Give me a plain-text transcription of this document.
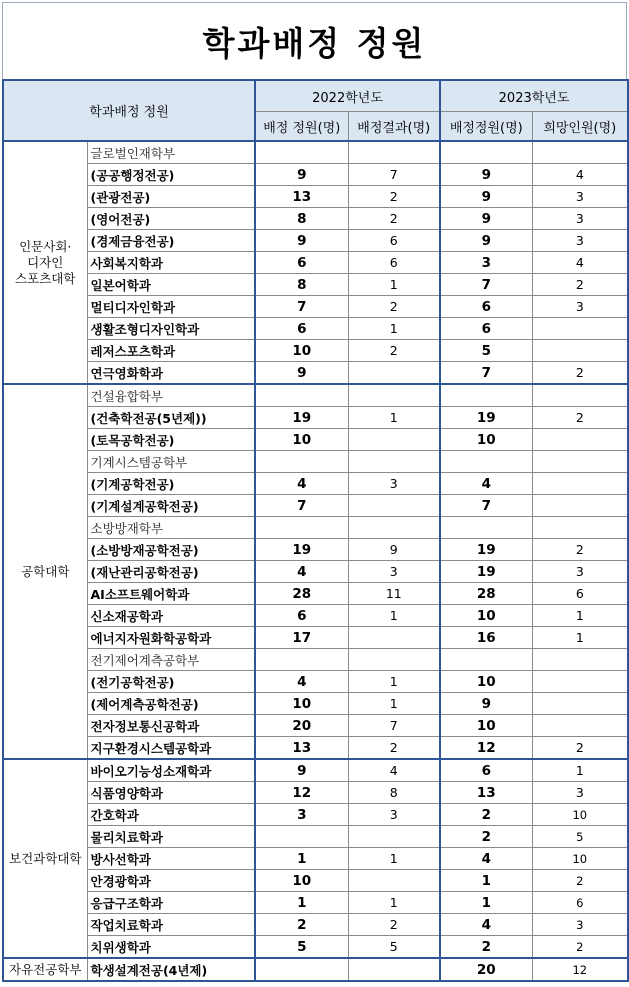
학과배정 정원
학과배정 정원		2022학년도		2023학년도	
		배정 정원(명)	배정결과(명)	배정정원(명)	희망인원(명)

인문사회·
디자인
스포츠대학	글로벌인재학부				
	(공공행정전공)	9	7	9	4
	(관광전공)	13	2	9	3
	(영어전공)	8	2	9	3
	(경제금융전공)	9	6	9	3
	사회복지학과	6	6	3	4
	일본어학과	8	1	7	2
	멀티디자인학과	7	2	6	3
	생활조형디자인학과	6	1	6	
	레저스포츠학과	10	2	5	
	연극영화학과	9		7	2

공학대학	건설융합학부				
	(건축학전공(5년제))	19	1	19	2
	(토목공학전공)	10		10	
	기계시스템공학부				
	(기계공학전공)	4	3	4	
	(기계설계공학전공)	7		7	
	소방방재학부				
	(소방방재공학전공)	19	9	19	2
	(재난관리공학전공)	4	3	19	3
	AI소프트웨어학과	28	11	28	6
	신소재공학과	6	1	10	1
	에너지자원화학공학과	17		16	1
	전기제어계측공학부				
	(전기공학전공)	4	1	10	
	(제어계측공학전공)	10	1	9	
	전자정보통신공학과	20	7	10	
	지구환경시스템공학과	13	2	12	2

보건과학대학	바이오기능성소재학과	9	4	6	1
	식품영양학과	12	8	13	3
	간호학과	3	3	2	10
	물리치료학과			2	5
	방사선학과	1	1	4	10
	안경광학과	10		1	2
	응급구조학과	1	1	1	6
	작업치료학과	2	2	4	3
	치위생학과	5	5	2	2

자유전공학부	학생설계전공(4년제)			20	12
